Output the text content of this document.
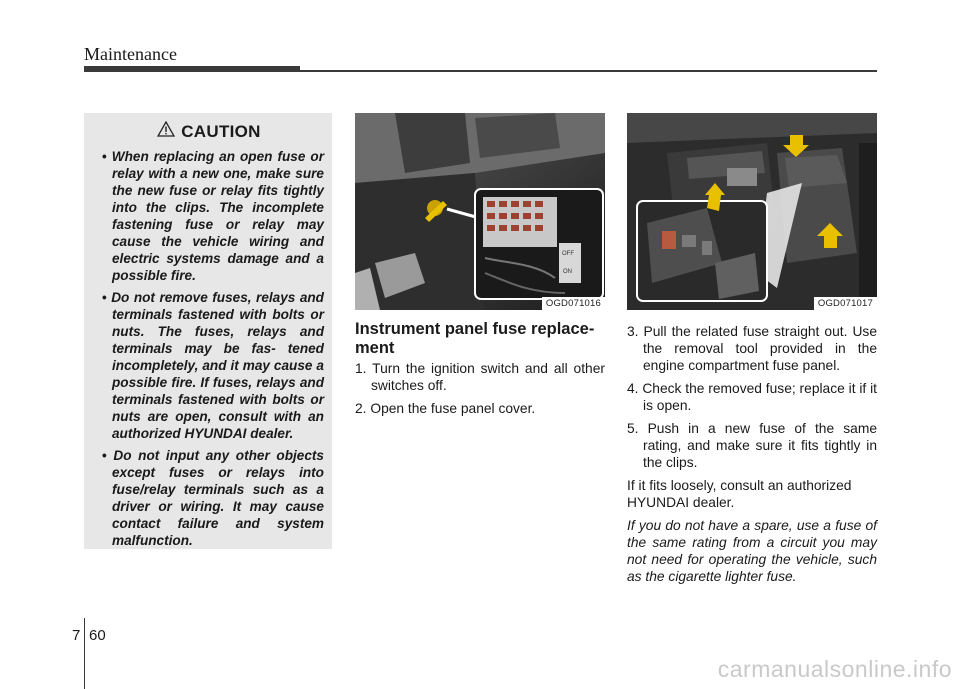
Maintenance
CAUTION
• When replacing an open fuse or relay with a new one, make sure the new fuse or relay fits tightly into the clips. The incomplete fastening fuse or relay may cause the vehicle wiring and electric systems damage and a possible fire.
• Do not remove fuses, relays and terminals fastened with bolts or nuts. The fuses, relays and terminals may be fas- tened incompletely, and it may cause a possible fire. If fuses, relays and terminals fastened with bolts or nuts are open, consult with an authorized HYUNDAI dealer.
• Do not input any other objects except fuses or relays into fuse/relay terminals such as a driver or wiring. It may cause contact failure and system malfunction.
OFF
ON
OGD071016	OGD071017
Instrument panel fuse replace- ment

1. Turn the ignition switch and all other switches off.

2. Open the fuse panel cover.

3. Pull the related fuse straight out. Use the removal tool provided in the engine compartment fuse panel.

4. Check the removed fuse; replace it if it is open.

5. Push in a new fuse of the same rating, and make sure it fits tightly in the clips.

If it fits loosely, consult an authorized HYUNDAI dealer.

If you do not have a spare, use a fuse of the same rating from a circuit you may not need for operating the vehicle, such as the cigarette lighter fuse.

7 60
carmanualsonline.info
